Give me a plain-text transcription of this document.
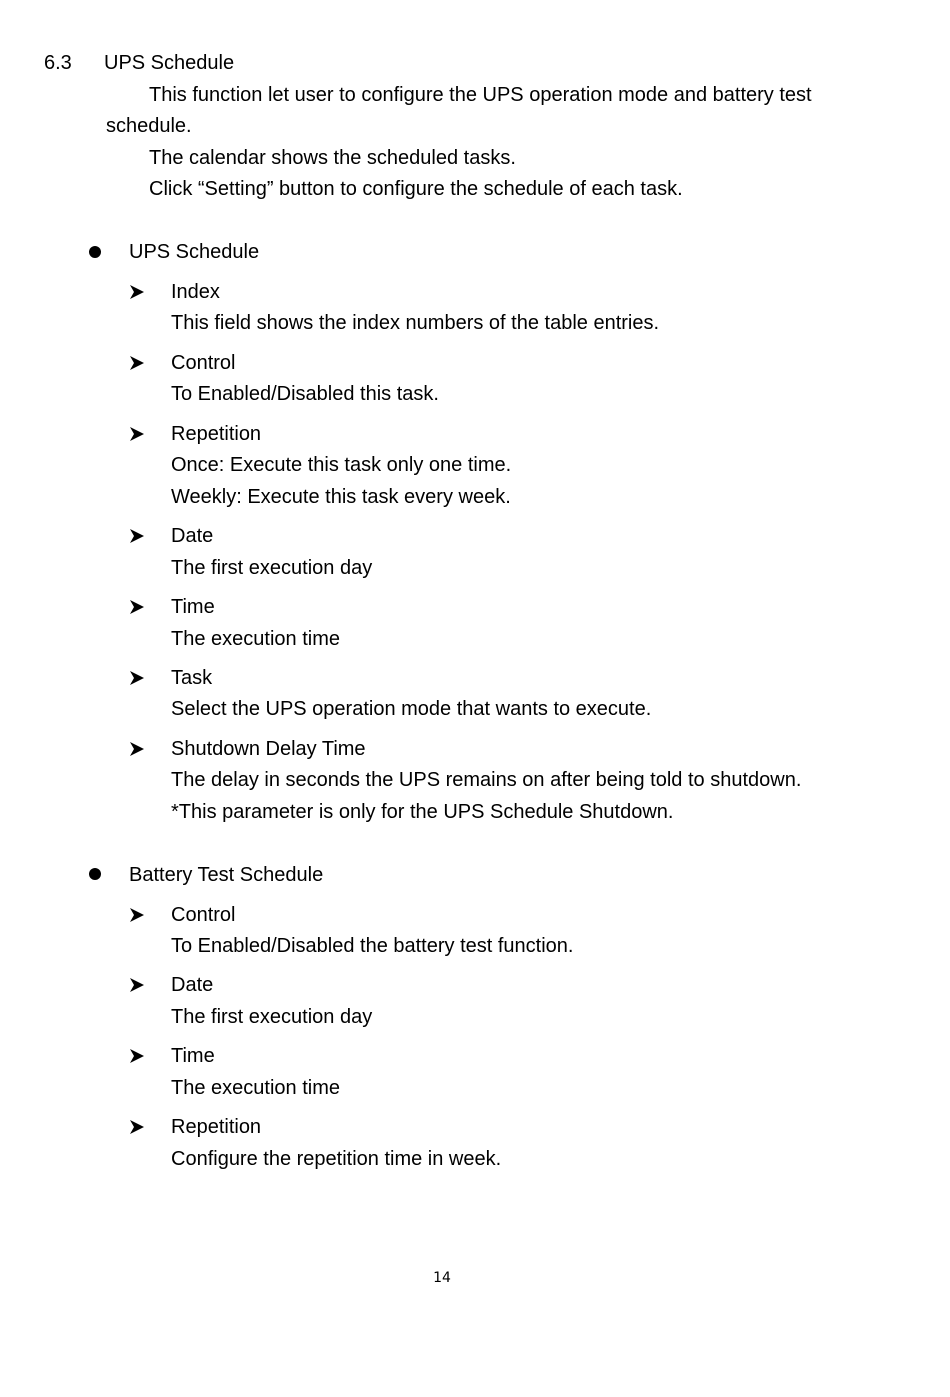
6.3 UPS Schedule
This function let user to configure the UPS operation mode and battery test
schedule.
The calendar shows the scheduled tasks.
Click “Setting” button to configure the schedule of each task.
UPS Schedule
Index
This field shows the index numbers of the table entries.
Control
To Enabled/Disabled this task.
Repetition
Once: Execute this task only one time.
Weekly: Execute this task every week.
Date
The first execution day
Time
The execution time
Task
Select the UPS operation mode that wants to execute.
Shutdown Delay Time
The delay in seconds the UPS remains on after being told to shutdown.
*This parameter is only for the UPS Schedule Shutdown.
Battery Test Schedule
Control
To Enabled/Disabled the battery test function.
Date
The first execution day
Time
The execution time
Repetition
Configure the repetition time in week.
14
